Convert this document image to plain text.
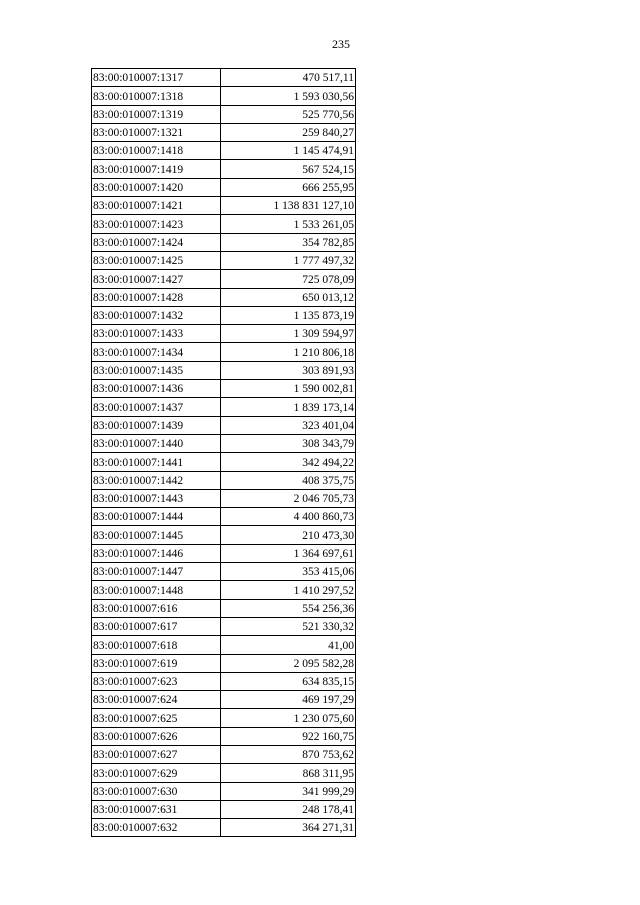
235
83:00:010007:1317	470 517,11
83:00:010007:1318	1 593 030,56
83:00:010007:1319	525 770,56
83:00:010007:1321	259 840,27
83:00:010007:1418	1 145 474,91
83:00:010007:1419	567 524,15
83:00:010007:1420	666 255,95
83:00:010007:1421	1 138 831 127,10
83:00:010007:1423	1 533 261,05
83:00:010007:1424	354 782,85
83:00:010007:1425	1 777 497,32
83:00:010007:1427	725 078,09
83:00:010007:1428	650 013,12
83:00:010007:1432	1 135 873,19
83:00:010007:1433	1 309 594,97
83:00:010007:1434	1 210 806,18
83:00:010007:1435	303 891,93
83:00:010007:1436	1 590 002,81
83:00:010007:1437	1 839 173,14
83:00:010007:1439	323 401,04
83:00:010007:1440	308 343,79
83:00:010007:1441	342 494,22
83:00:010007:1442	408 375,75
83:00:010007:1443	2 046 705,73
83:00:010007:1444	4 400 860,73
83:00:010007:1445	210 473,30
83:00:010007:1446	1 364 697,61
83:00:010007:1447	353 415,06
83:00:010007:1448	1 410 297,52
83:00:010007:616	554 256,36
83:00:010007:617	521 330,32
83:00:010007:618	41,00
83:00:010007:619	2 095 582,28
83:00:010007:623	634 835,15
83:00:010007:624	469 197,29
83:00:010007:625	1 230 075,60
83:00:010007:626	922 160,75
83:00:010007:627	870 753,62
83:00:010007:629	868 311,95
83:00:010007:630	341 999,29
83:00:010007:631	248 178,41
83:00:010007:632	364 271,31
